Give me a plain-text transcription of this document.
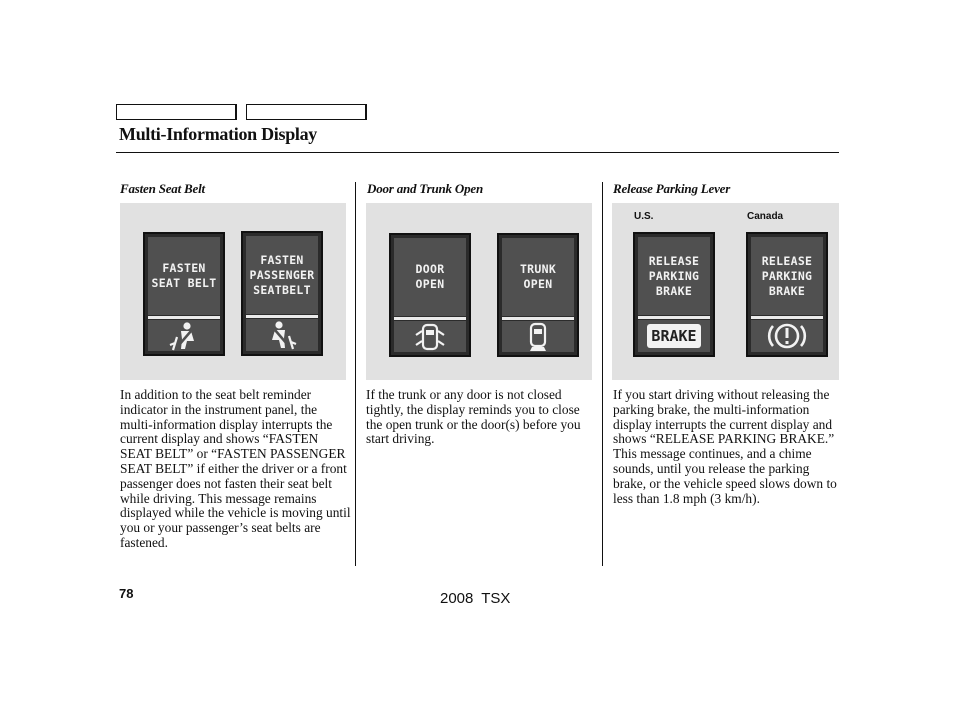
Multi-Information Display
Fasten Seat Belt
FASTEN
SEAT BELT
FASTEN
PASSENGER
SEATBELT

In addition to the seat belt reminder indicator in the instrument panel, the multi-information display interrupts the current display and shows “FASTEN SEAT BELT” or “FASTEN PASSENGER SEAT BELT” if either the driver or a front passenger does not fasten their seat belt while driving. This message remains displayed while the vehicle is moving until you or your passenger’s seat belts are fastened.

Door and Trunk Open
DOOR
OPEN
TRUNK
OPEN

If the trunk or any door is not closed tightly, the display reminds you to close the open trunk or the door(s) before you start driving.

Release Parking Lever

U.S.	Canada

RELEASE
PARKING
BRAKE
BRAKE
RELEASE
PARKING
BRAKE

If you start driving without releasing the parking brake, the multi-information display interrupts the current display and shows “RELEASE PARKING BRAKE.” This message continues, and a chime sounds, until you release the parking brake, or the vehicle speed slows down to less than 1.8 mph (3 km/h).

78	2008 TSX
